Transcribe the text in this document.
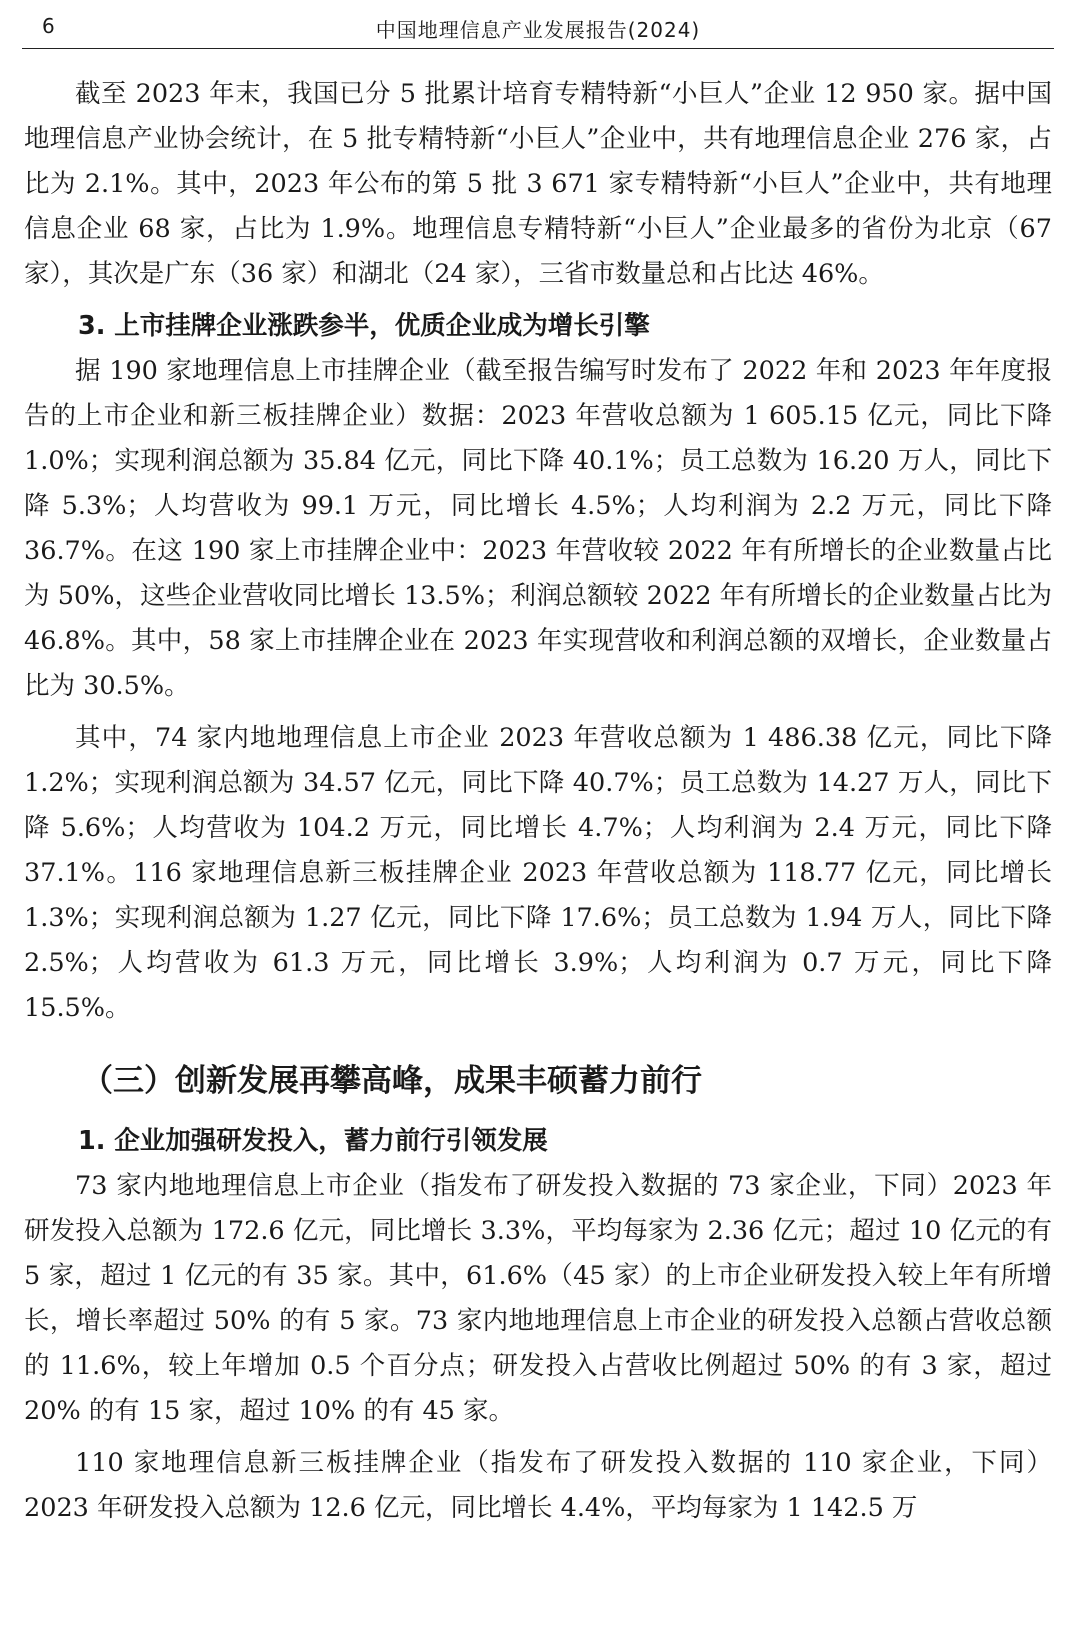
6	中国地理信息产业发展报告(2024)

截至 2023 年末，我国已分 5 批累计培育专精特新“小巨人”企业 12 950 家。据中国地理信息产业协会统计，在 5 批专精特新“小巨人”企业中，共有地理信息企业 276 家，占比为 2.1%。其中，2023 年公布的第 5 批 3 671 家专精特新“小巨人”企业中，共有地理信息企业 68 家，占比为 1.9%。地理信息专精特新“小巨人”企业最多的省份为北京（67 家），其次是广东（36 家）和湖北（24 家），三省市数量总和占比达 46%。

3. 上市挂牌企业涨跌参半，优质企业成为增长引擎

据 190 家地理信息上市挂牌企业（截至报告编写时发布了 2022 年和 2023 年年度报告的上市企业和新三板挂牌企业）数据：2023 年营收总额为 1 605.15 亿元，同比下降 1.0%；实现利润总额为 35.84 亿元，同比下降 40.1%；员工总数为 16.20 万人，同比下降 5.3%；人均营收为 99.1 万元，同比增长 4.5%；人均利润为 2.2 万元，同比下降 36.7%。在这 190 家上市挂牌企业中：2023 年营收较 2022 年有所增长的企业数量占比为 50%，这些企业营收同比增长 13.5%；利润总额较 2022 年有所增长的企业数量占比为 46.8%。其中，58 家上市挂牌企业在 2023 年实现营收和利润总额的双增长，企业数量占比为 30.5%。

其中，74 家内地地理信息上市企业 2023 年营收总额为 1 486.38 亿元，同比下降 1.2%；实现利润总额为 34.57 亿元，同比下降 40.7%；员工总数为 14.27 万人，同比下降 5.6%；人均营收为 104.2 万元，同比增长 4.7%；人均利润为 2.4 万元，同比下降 37.1%。116 家地理信息新三板挂牌企业 2023 年营收总额为 118.77 亿元，同比增长 1.3%；实现利润总额为 1.27 亿元，同比下降 17.6%；员工总数为 1.94 万人，同比下降 2.5%；人均营收为 61.3 万元，同比增长 3.9%；人均利润为 0.7 万元，同比下降 15.5%。

（三）创新发展再攀高峰，成果丰硕蓄力前行
1. 企业加强研发投入，蓄力前行引领发展

73 家内地地理信息上市企业（指发布了研发投入数据的 73 家企业，下同）2023 年研发投入总额为 172.6 亿元，同比增长 3.3%，平均每家为 2.36 亿元；超过 10 亿元的有 5 家，超过 1 亿元的有 35 家。其中，61.6%（45 家）的上市企业研发投入较上年有所增长，增长率超过 50% 的有 5 家。73 家内地地理信息上市企业的研发投入总额占营收总额的 11.6%，较上年增加 0.5 个百分点；研发投入占营收比例超过 50% 的有 3 家，超过 20% 的有 15 家，超过 10% 的有 45 家。

110 家地理信息新三板挂牌企业（指发布了研发投入数据的 110 家企业，下同）2023 年研发投入总额为 12.6 亿元，同比增长 4.4%，平均每家为 1 142.5 万
